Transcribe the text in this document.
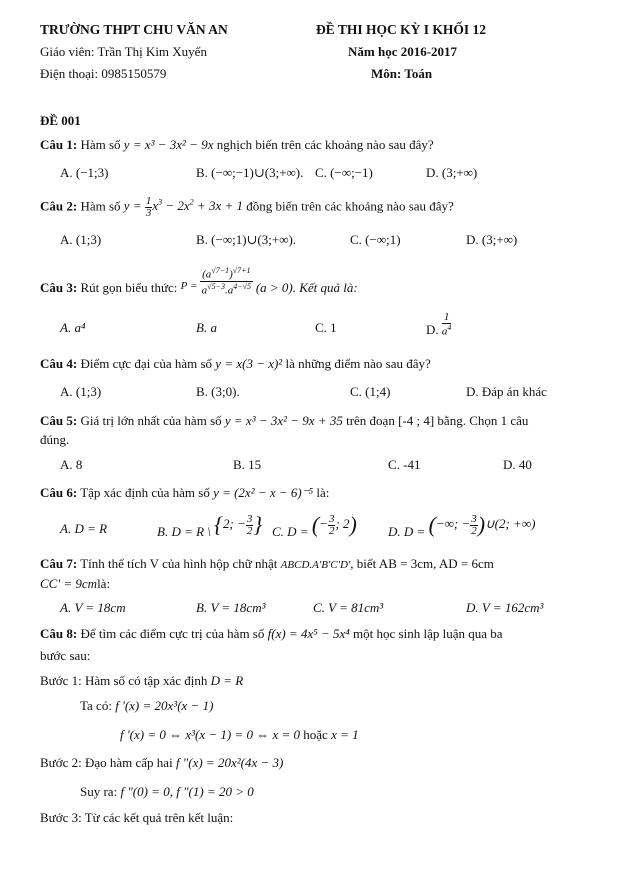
TRƯỜNG THPT CHU VĂN AN	ĐỀ THI HỌC KỲ I KHỐI 12
Giáo viên: Trần Thị Kim Xuyến	Năm học 2016-2017
Điện thoại: 0985150579	Môn: Toán
ĐỀ 001
Câu 1: Hàm số y = x³ − 3x² − 9x nghịch biến trên các khoảng nào sau đây?
A. (−1;3)	B. (−∞;−1)∪(3;+∞). C. (−∞;−1)	D. (3;+∞)
Câu 2: Hàm số $y = \frac{1}{3} x^3 - 2x^2 + 3x + 1$ đồng biến trên các khoảng nào sau đây?
A. (1;3)	B. (−∞;1)∪(3;+∞).	C. (−∞;1)	D. (3;+∞)
Câu 3: Rút gọn biểu thức: $P = \frac{(a^{√7-1})^{√7+1}}{a^{√5-3}.a^{4-√5}} (a > 0)$. Kết quả là:
A. a⁴	B. a	C. 1	D. $\frac{1}{a^4}$
Câu 4: Điểm cực đại của hàm số y = x(3 − x)² là những điểm nào sau đây?
A. (1;3)	B. (3;0).	C. (1;4)	D. Đáp án khác
Câu 5: Giá trị lớn nhất của hàm số y = x³ − 3x² − 9x + 35 trên đoạn [-4 ; 4] bằng. Chọn 1 câu
đúng.
A. 8	B. 15	C. -41	D. 40
Câu 6: Tập xác định của hàm số y = (2x² − x − 6)⁻⁵ là:
A. D = R	B. D = R \ {2; − $\frac{3}{2}$ } C. D = (− $\frac{3}{2}$ ; 2) D. D = (−∞; − $\frac{3}{2}$ )∪(2; +∞)
Câu 7: Tính thể tích V của hình hộp chữ nhật ABCD.A'B'C'D', biết AB = 3cm, AD = 6cm
CC' = 9cmlà:
A. V = 18cm	B. V = 18cm³	C. V = 81cm³	D. V = 162cm³
Câu 8: Để tìm các điểm cực trị của hàm số f(x) = 4x⁵ − 5x⁴ một học sinh lập luận qua ba
bước sau:
Bước 1: Hàm số có tập xác định D = R
Ta có: f '(x) = 20x³(x − 1)
f '(x) = 0 ⇔ x³(x − 1) = 0 ⇔ x = 0 hoặc x = 1
Bước 2: Đạo hàm cấp hai f "(x) = 20x²(4x − 3)
Suy ra: f "(0) = 0, f "(1) = 20 > 0
Bước 3: Từ các kết quả trên kết luận:
